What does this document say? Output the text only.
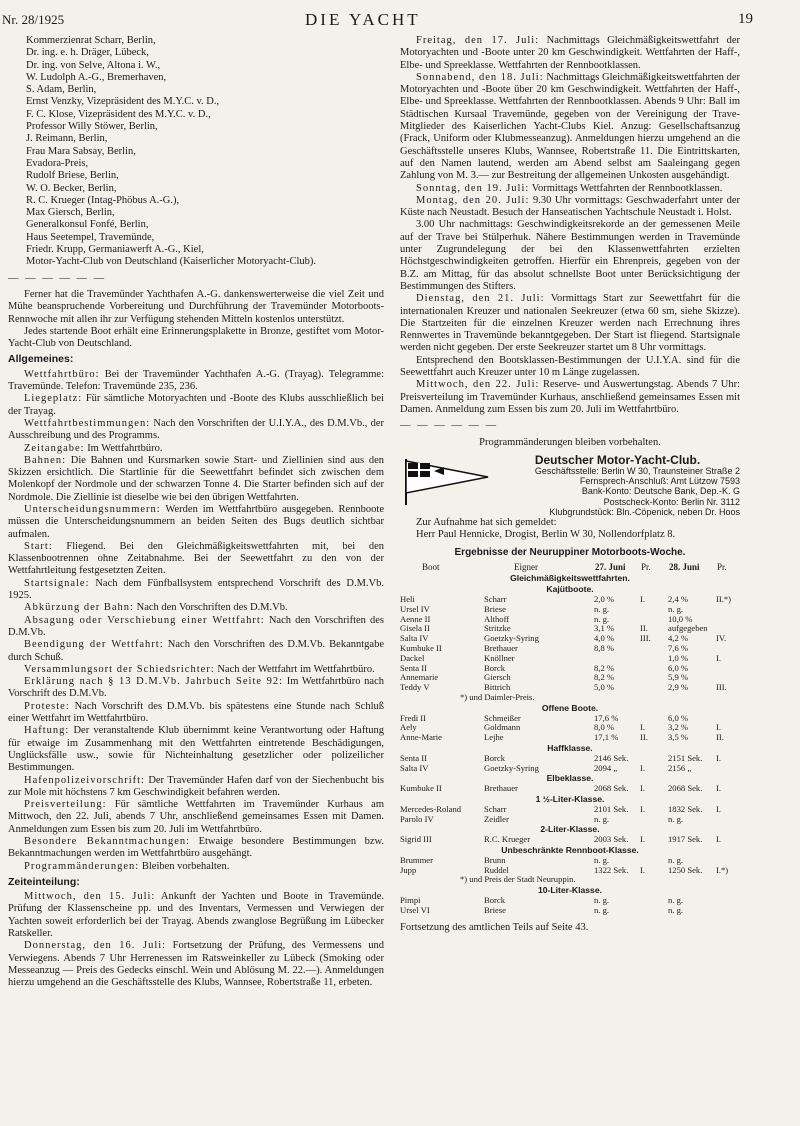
Nr. 28/1925	DIE YACHT	19

Kommerzienrat Scharr, Berlin,

Dr. ing. e. h. Dräger, Lübeck,

Dr. ing. von Selve, Altona i. W.,

W. Ludolph A.-G., Bremerhaven,

S. Adam, Berlin,

Ernst Venzky, Vizepräsident des M.Y.C. v. D.,

F. C. Klose, Vizepräsident des M.Y.C. v. D.,

Professor Willy Stöwer, Berlin,

J. Reimann, Berlin,

Frau Mara Sabsay, Berlin,

Evadora-Preis,

Rudolf Briese, Berlin,

W. O. Becker, Berlin,

R. C. Krueger (Intag-Phöbus A.-G.),

Max Giersch, Berlin,

Generalkonsul Fonfé, Berlin,

Haus Seetempel, Travemünde,

Friedr. Krupp, Germaniawerft A.-G., Kiel,

Motor-Yacht-Club von Deutschland (Kaiserlicher Motoryacht-Club).

— — — — — —

Ferner hat die Travemünder Yachthafen A.-G. dankenswerterweise die viel Zeit und Mühe beanspruchende Vorbereitung und Durchführung der Travemünder Motorboots-Rennwoche mit allen ihr zur Verfügung stehenden Mitteln kostenlos unterstützt.

Jedes startende Boot erhält eine Erinnerungsplakette in Bronze, gestiftet vom Motor-Yacht-Club von Deutschland.

Allgemeines:

Wettfahrtbüro: Bei der Travemünder Yachthafen A.-G. (Trayag). Telegramme: Travemünde. Telefon: Travemünde 235, 236.

Liegeplatz: Für sämtliche Motoryachten und -Boote des Klubs ausschließlich bei der Trayag.

Wettfahrtbestimmungen: Nach den Vorschriften der U.I.Y.A., des D.M.Vb., der Ausschreibung und des Programms.

Zeitangabe: Im Wettfahrtbüro.

Bahnen: Die Bahnen und Kursmarken sowie Start- und Ziellinien sind aus den Skizzen ersichtlich. Die Startlinie für die Seewettfahrt befindet sich zwischen dem Molenkopf der Nordmole und der schwarzen Tonne 4. Die Starter befinden sich auf der Nordmole. Die Ziellinie ist dieselbe wie bei den übrigen Wettfahrten.

Unterscheidungsnummern: Werden im Wettfahrtbüro ausgegeben. Rennboote müssen die Unterscheidungsnummern an beiden Seiten des Bugs deutlich sichtbar aufmalen.

Start: Fliegend. Bei den Gleichmäßigkeitswettfahrten mit, bei den Klassenbootrennen ohne Zeitabnahme. Bei der Seewettfahrt zu den von der Wettfahrtleitung festgesetzten Zeiten.

Startsignale: Nach dem Fünfballsystem entsprechend Vorschrift des D.M.Vb. 1925.

Abkürzung der Bahn: Nach den Vorschriften des D.M.Vb.

Absagung oder Verschiebung einer Wettfahrt: Nach den Vorschriften des D.M.Vb.

Beendigung der Wettfahrt: Nach den Vorschriften des D.M.Vb. Bekanntgabe durch Schuß.

Versammlungsort der Schiedsrichter: Nach der Wettfahrt im Wettfahrtbüro.

Erklärung nach § 13 D.M.Vb. Jahrbuch Seite 92: Im Wettfahrtbüro nach Vorschrift des D.M.Vb.

Proteste: Nach Vorschrift des D.M.Vb. bis spätestens eine Stunde nach Schluß einer Wettfahrt im Wettfahrtbüro.

Haftung: Der veranstaltende Klub übernimmt keine Verantwortung oder Haftung für etwaige im Zusammenhang mit den Wettfahrten eintretende Beschädigungen, Unglücksfälle usw., sowie für Nichteinhaltung gesetzlicher oder polizeilicher Bestimmungen.

Hafenpolizeivorschrift: Der Travemünder Hafen darf von der Siechenbucht bis zur Mole mit höchstens 7 km Geschwindigkeit befahren werden.

Preisverteilung: Für sämtliche Wettfahrten im Travemünder Kurhaus am Mittwoch, den 22. Juli, abends 7 Uhr, anschließend gemeinsames Essen mit Damen. Anmeldungen zum Essen bis zum 20. Juli im Wettfahrtbüro.

Besondere Bekanntmachungen: Etwaige besondere Bestimmungen bzw. Bekanntmachungen werden im Wettfahrtbüro ausgehängt.

Programmänderungen: Bleiben vorbehalten.

Zeiteinteilung:

Mittwoch, den 15. Juli: Ankunft der Yachten und Boote in Travemünde. Prüfung der Klassenscheine pp. und des Inventars, Vermessen und Verwiegen der Yachten soweit erforderlich bei der Trayag. Abends zwanglose Begrüßung im Lübecker Ratskeller.

Donnerstag, den 16. Juli: Fortsetzung der Prüfung, des Vermessens und Verwiegens. Abends 7 Uhr Herrenessen im Ratsweinkeller zu Lübeck (Smoking oder Messeanzug — Preis des Gedecks einschl. Wein und Ablösung M. 22.—). Anmeldungen hierzu umgehend an die Geschäftsstelle des Klubs, Wannsee, Robertstraße 11, erbeten.

Freitag, den 17. Juli: Nachmittags Gleichmäßigkeitswettfahrt der Motoryachten und -Boote unter 20 km Geschwindigkeit. Wettfahrten der Haff-, Elbe- und Spreeklasse. Wettfahrten der Rennbootklassen.

Sonnabend, den 18. Juli: Nachmittags Gleichmäßigkeitswettfahrten der Motoryachten und -Boote über 20 km Geschwindigkeit. Wettfahrten der Haff-, Elbe- und Spreeklasse. Wettfahrten der Rennbootklassen. Abends 9 Uhr: Ball im Städtischen Kursaal Travemünde, gegeben von der Vereinigung der Trave-Mitglieder des Kaiserlichen Yacht-Clubs Kiel. Anzug: Gesellschaftsanzug (Frack, Uniform oder Klubmesseanzug). Anmeldungen hierzu umgehend an die Geschäftsstelle unseres Klubs, Wannsee, Robertstraße 11. Die Eintrittskarten, auf den Namen lautend, werden am Abend selbst am Saaleingang gegen Zahlung von M. 3.— zur Bestreitung der allgemeinen Unkosten ausgehändigt.

Sonntag, den 19. Juli: Vormittags Wettfahrten der Rennbootklassen.

Montag, den 20. Juli: 9.30 Uhr vormittags: Geschwaderfahrt unter der Küste nach Neustadt. Besuch der Hanseatischen Yachtschule Neustadt i. Holst.

3.00 Uhr nachmittags: Geschwindigkeitsrekorde an der gemessenen Meile auf der Trave bei Stülperhuk. Nähere Bestimmungen werden in Travemünde unter Zugrundelegung der bei den Klassenwettfahrten erzielten Höchstgeschwindigkeiten getroffen. Hierfür ein Ehrenpreis, gegeben von der B.Z. am Mittag, für das absolut schnellste Boot unter Berücksichtigung der Bestimmungen des Stifters.

Dienstag, den 21. Juli: Vormittags Start zur Seewettfahrt für die internationalen Kreuzer und nationalen Seekreuzer (etwa 60 sm, siehe Skizze). Die Startzeiten für die einzelnen Kreuzer werden nach Errechnung ihres Rennwertes in Travemünde bekanntgegeben. Der Start ist fliegend. Startsignale werden nicht gegeben. Der erste Seekreuzer startet um 8 Uhr vormittags.

Entsprechend den Bootsklassen-Bestimmungen der U.I.Y.A. sind für die Seewettfahrt auch Kreuzer unter 10 m Länge zugelassen.

Mittwoch, den 22. Juli: Reserve- und Auswertungstag. Abends 7 Uhr: Preisverteilung im Travemünder Kurhaus, anschließend gemeinsames Essen mit Damen. Anmeldung zum Essen bis zum 20. Juli im Wettfahrtbüro.

— — — — — —

Programmänderungen bleiben vorbehalten.

Deutscher Motor-Yacht-Club.
Geschäftsstelle: Berlin W 30, Traunsteiner Straße 2
Fernsprech-Anschluß: Amt Lützow 7593
Bank-Konto: Deutsche Bank, Dep.-K. G
Postscheck-Konto: Berlin Nr. 3112
Klubgrundstück: Bln.-Cöpenick, neben Dr. Hoos

Zur Aufnahme hat sich gemeldet:

Herr Paul Hennicke, Drogist, Berlin W 30, Nollendorfplatz 8.

Ergebnisse der Neuruppiner Motorboots-Woche.
Boot	Eigner	27. Juni	Pr.	28. Juni	Pr.
Gleichmäßigkeitswettfahrten.					
Kajütboote.					
Heli	Scharr	2,0 %	I.	2,4 %	II.*)
Ursel IV	Briese	n. g.		n. g.	
Aenne II	Althoff	n. g.		10,0 %	
Gisela II	Stritzke	3,1 %	II.	aufgegeben	
Salta IV	Goetzky-Syring	4,0 %	III.	4,2 %	IV.
Kumbuke II	Brethauer	8,8 %		7,6 %	
Dackel	Knöllner			1,0 %	I.
Senta II	Borck	8,2 %		6,0 %	
Annemarie	Giersch	8,2 %		5,9 %	
Teddy V	Bittrich	5,0 %		2,9 %	III.
*) und Daimler-Preis.					
Offene Boote.					
Fredi II	Schmeißer	17,6 %		6,0 %	
Aely	Goldmann	8,0 %	I.	3,2 %	I.
Anne-Marie	Lejhe	17,1 %	II.	3,5 %	II.
Haffklasse.					
Senta II	Borck	2146 Sek.		2151 Sek.	I.
Salta IV	Goetzky-Syring	2094 „	I.	2156 „	
Elbeklasse.					
Kumbuke II	Brethauer	2068 Sek.	I.	2068 Sek.	I.
1 ½-Liter-Klasse.					
Mercedes-Roland	Scharr	2101 Sek.	I.	1832 Sek.	I.
Parolo IV	Zeidler	n. g.		n. g.	
2-Liter-Klasse.					
Sigrid III	R.C. Krueger	2003 Sek.	I.	1917 Sek.	I.
Unbeschränkte Rennboot-Klasse.					
Brummer	Brunn	n. g.		n. g.	
Jupp	Ruddel	1322 Sek.	I.	1250 Sek.	I.*)
*) und Preis der Stadt Neuruppin.					
10-Liter-Klasse.					
Pimpi	Borck	n. g.		n. g.	
Ursel VI	Briese	n. g.		n. g.	

Fortsetzung des amtlichen Teils auf Seite 43.
